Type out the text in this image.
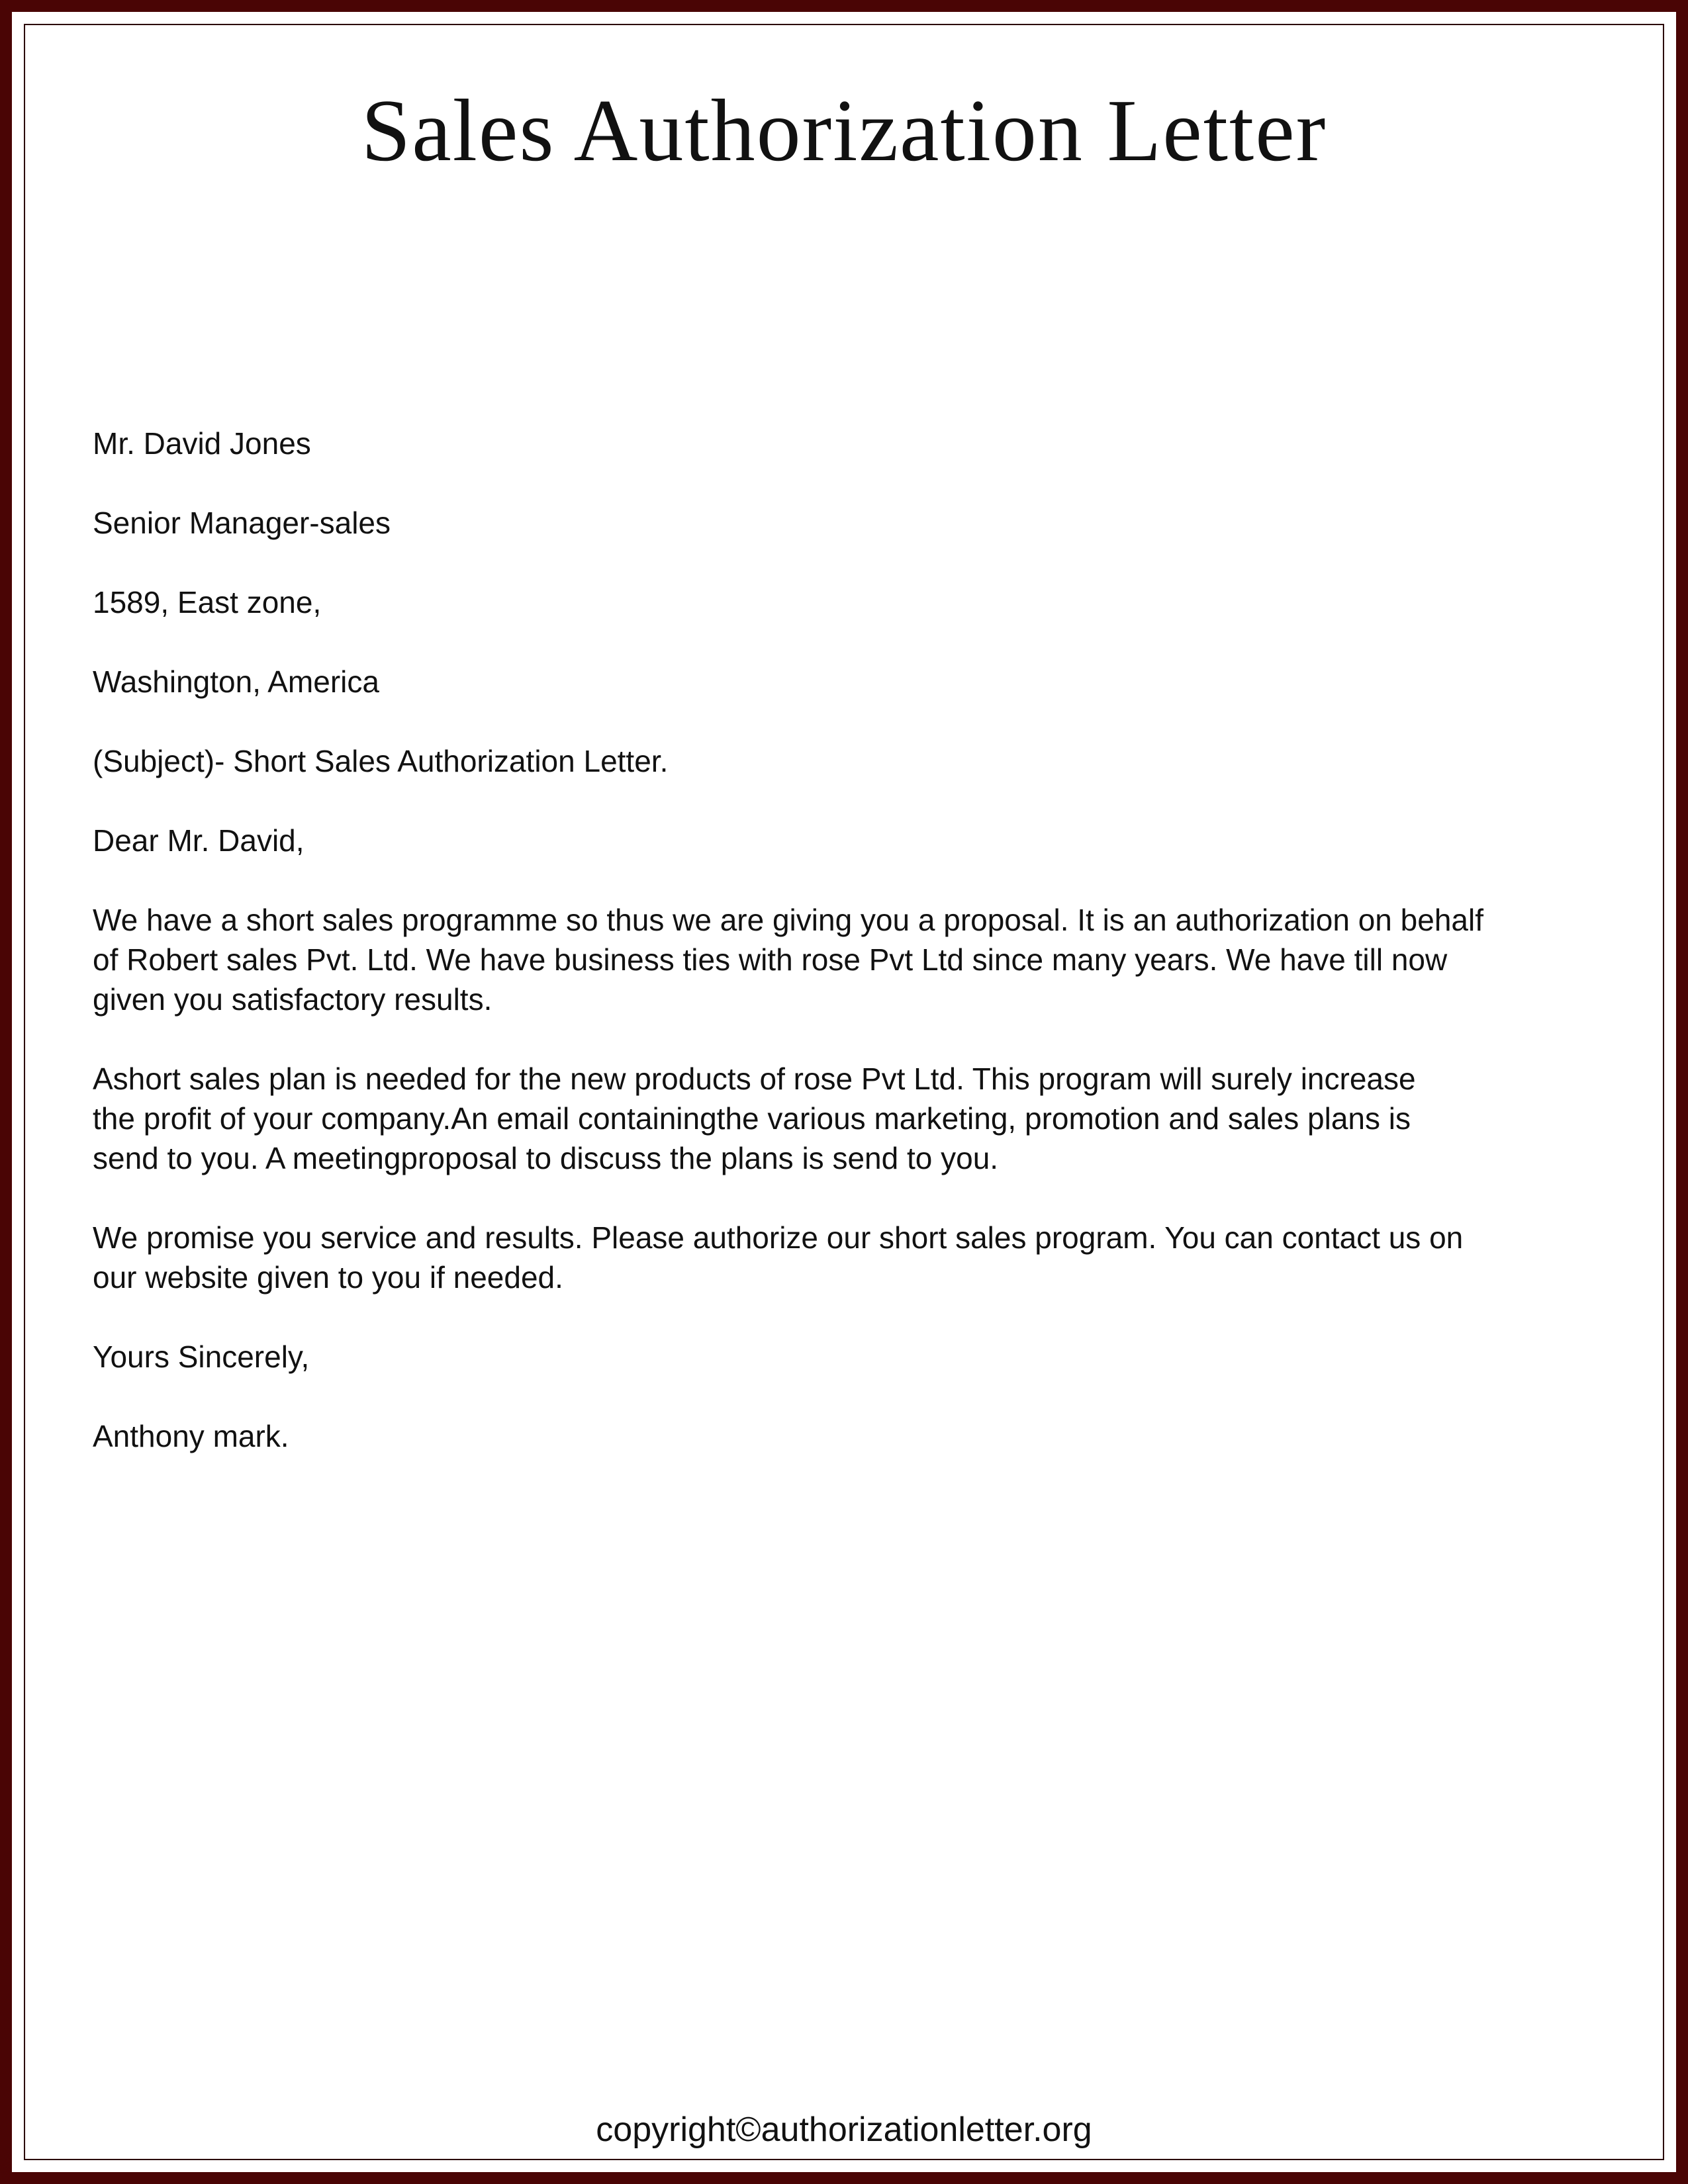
Sales Authorization Letter

Mr. David Jones

Senior Manager-sales

1589, East zone,

Washington, America

(Subject)- Short Sales Authorization Letter.

Dear Mr. David,

We have a short sales programme so thus we are giving you a proposal. It is an authorization on behalf
of Robert sales Pvt. Ltd. We have business ties with rose Pvt Ltd since many years. We have till now
given you satisfactory results.

Ashort sales plan is needed for the new products of rose Pvt Ltd. This program will surely increase
the profit of your company.An email containingthe various marketing, promotion and sales plans is
send to you. A meetingproposal to discuss the plans is send to you.

We promise you service and results. Please authorize our short sales program. You can contact us on
our website given to you if needed.

Yours Sincerely,

Anthony mark.

copyright©authorizationletter.org
